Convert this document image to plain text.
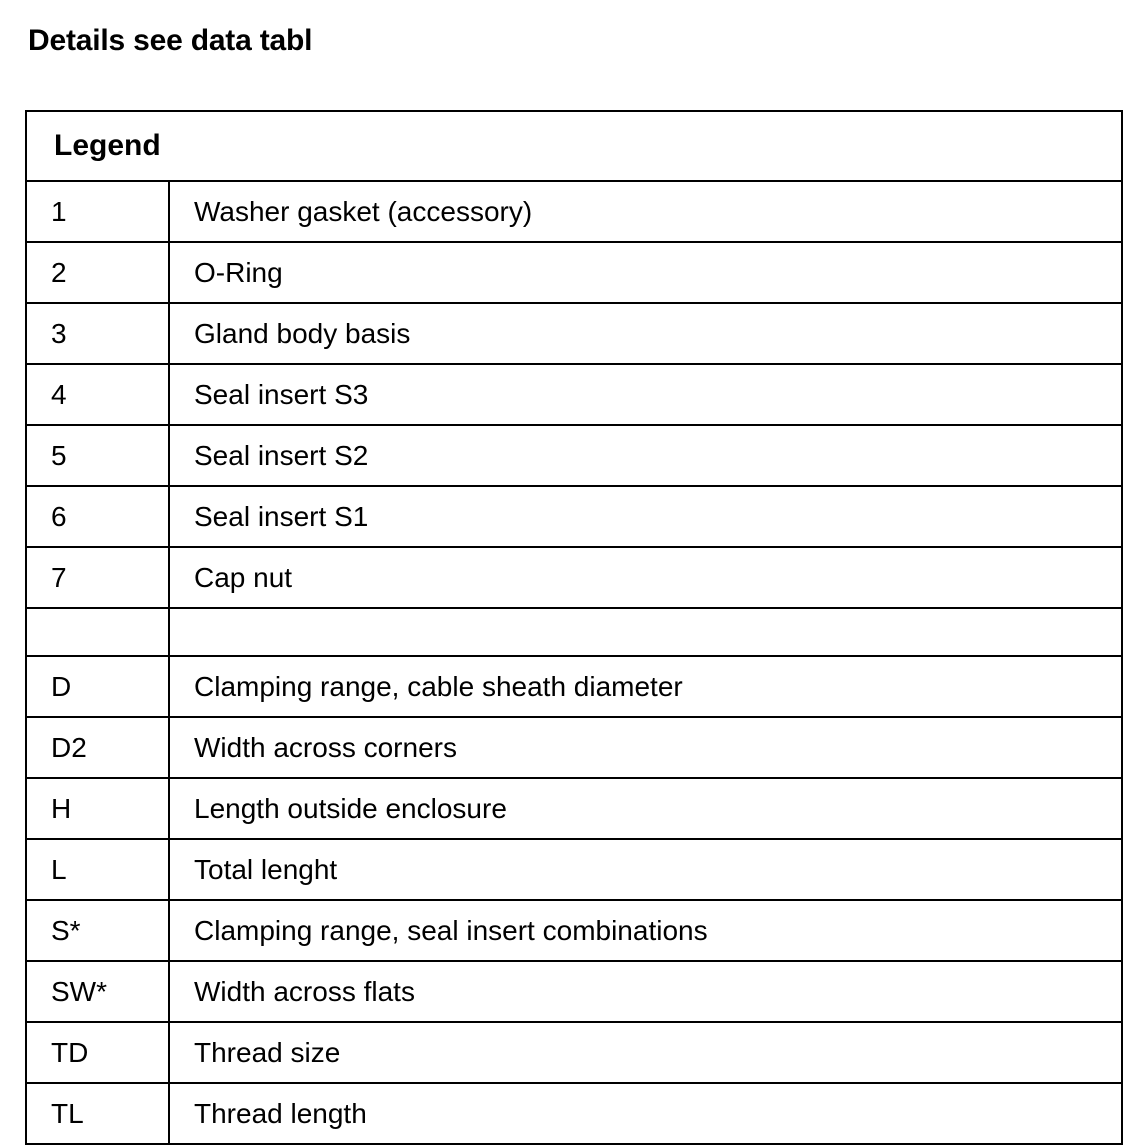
Details see data tabl
Legend	
1	Washer gasket (accessory)
2	O-Ring
3	Gland body basis
4	Seal insert S3
5	Seal insert S2
6	Seal insert S1
7	Cap nut

D	Clamping range, cable sheath diameter
D2	Width across corners
H	Length outside enclosure
L	Total lenght
S*	Clamping range, seal insert combinations
SW*	Width across flats
TD	Thread size
TL	Thread length
